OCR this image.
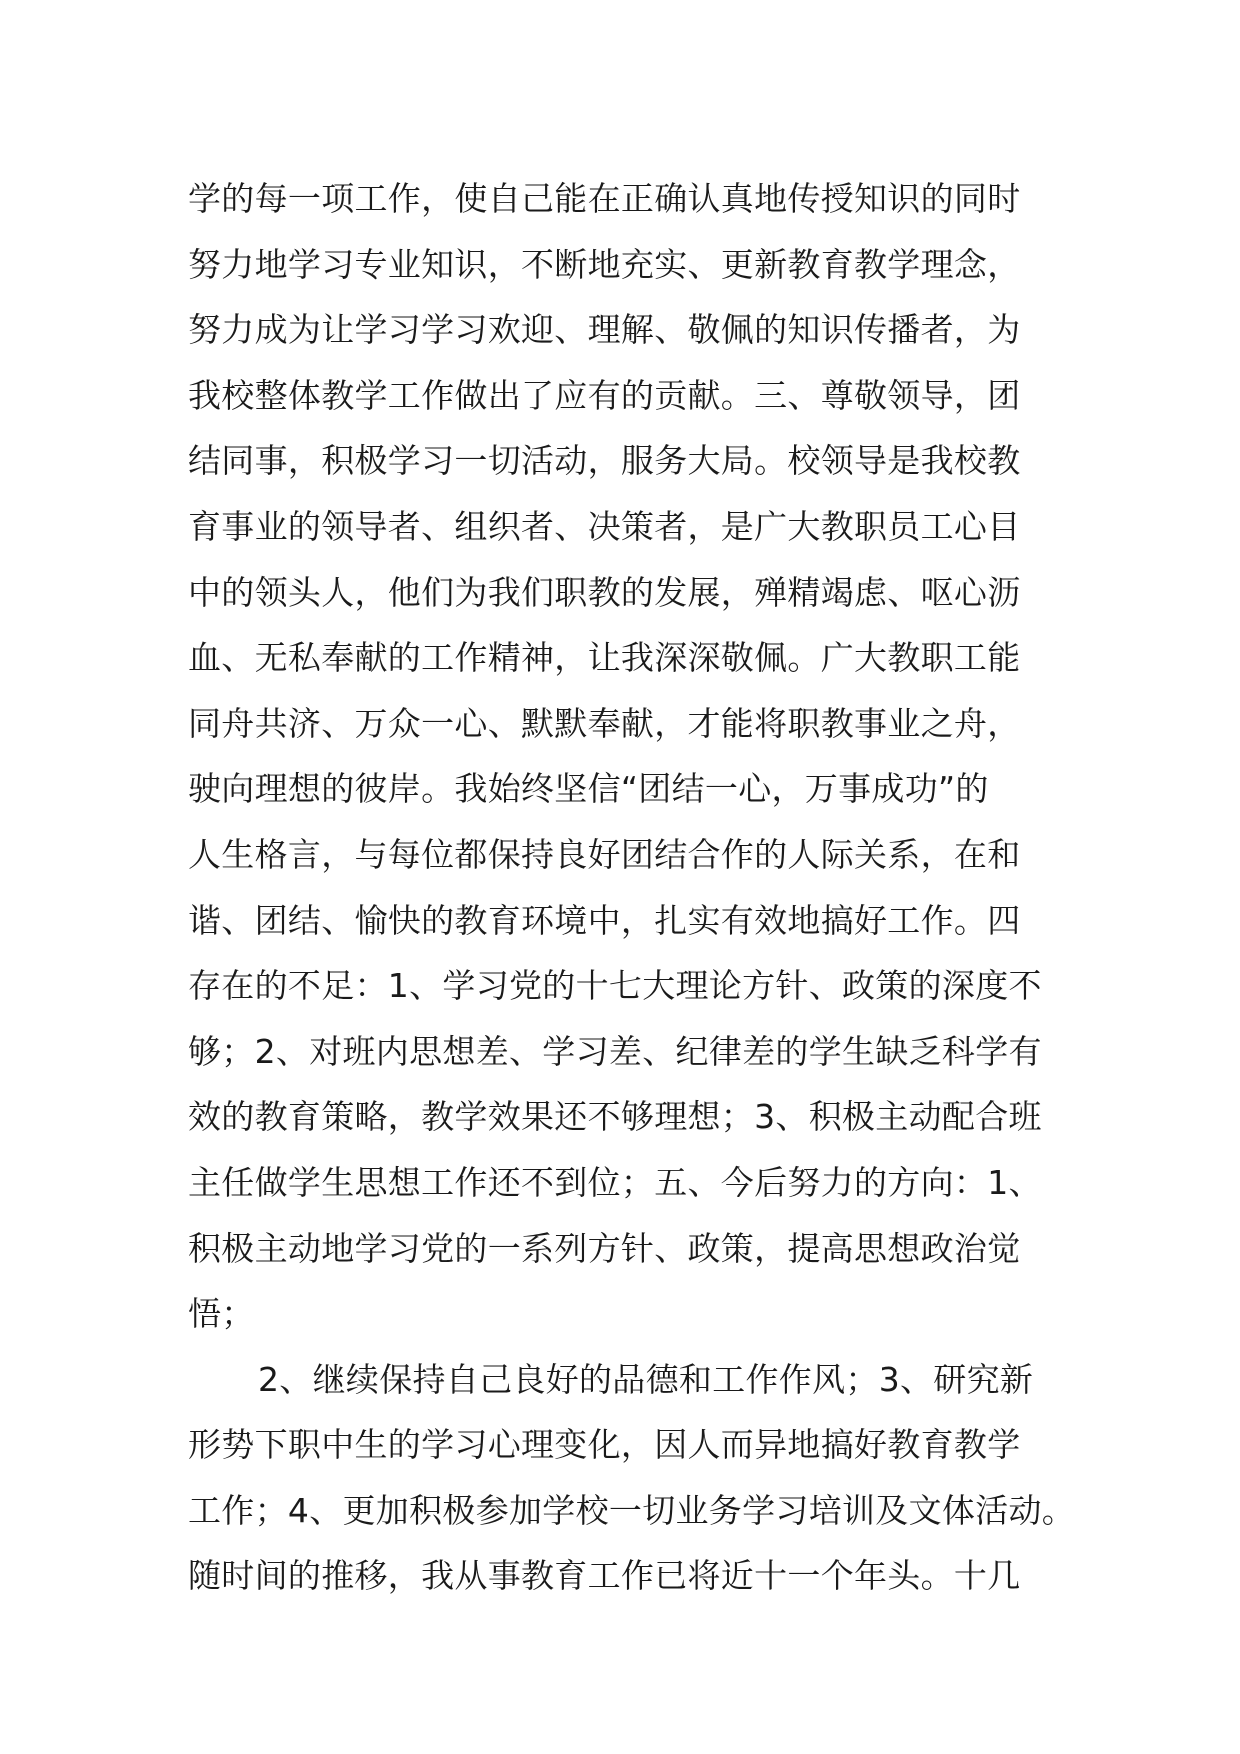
学的每一项工作，使自己能在正确认真地传授知识的同时
努力地学习专业知识，不断地充实、更新教育教学理念，
努力成为让学习学习欢迎、理解、敬佩的知识传播者，为
我校整体教学工作做出了应有的贡献。三、尊敬领导，团
结同事，积极学习一切活动，服务大局。校领导是我校教
育事业的领导者、组织者、决策者，是广大教职员工心目
中的领头人，他们为我们职教的发展，殚精竭虑、呕心沥
血、无私奉献的工作精神，让我深深敬佩。广大教职工能
同舟共济、万众一心、默默奉献，才能将职教事业之舟，
驶向理想的彼岸。我始终坚信“团结一心，万事成功”的
人生格言，与每位都保持良好团结合作的人际关系，在和
谐、团结、愉快的教育环境中，扎实有效地搞好工作。四
存在的不足：1、学习党的十七大理论方针、政策的深度不
够；2、对班内思想差、学习差、纪律差的学生缺乏科学有
效的教育策略，教学效果还不够理想；3、积极主动配合班
主任做学生思想工作还不到位；五、今后努力的方向：1、
积极主动地学习党的一系列方针、政策，提高思想政治觉
悟；
2、继续保持自己良好的品德和工作作风；3、研究新
形势下职中生的学习心理变化，因人而异地搞好教育教学
工作；4、更加积极参加学校一切业务学习培训及文体活动。
随时间的推移，我从事教育工作已将近十一个年头。十几
